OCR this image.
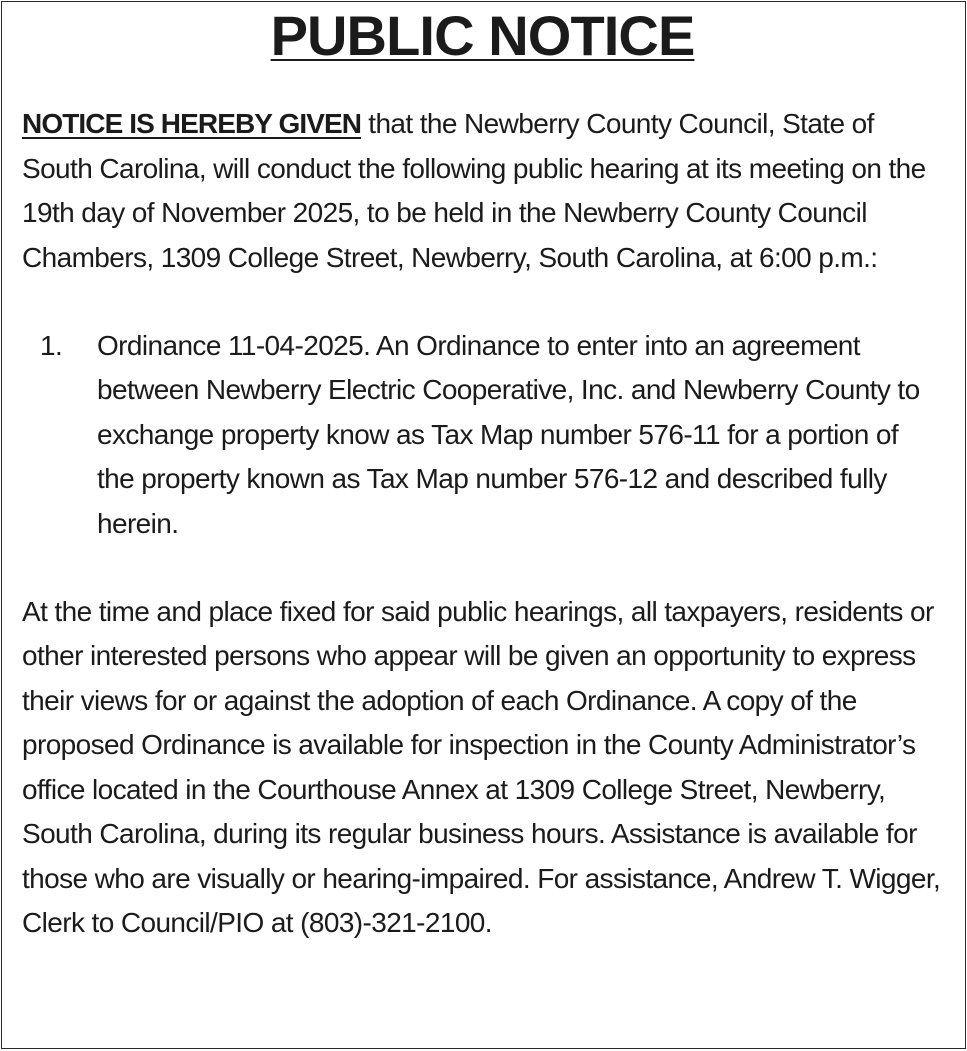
PUBLIC NOTICE

NOTICE IS HEREBY GIVEN that the Newberry County Council, State of South Carolina, will conduct the following public hearing at its meeting on the 19th day of November 2025, to be held in the Newberry County Council Chambers, 1309 College Street, Newberry, South Carolina, at 6:00 p.m.:

1.	Ordinance 11-04-2025. An Ordinance to enter into an agreement between Newberry Electric Cooperative, Inc. and Newberry County to exchange property know as Tax Map number 576-11 for a portion of the property known as Tax Map number 576-12 and described fully herein.

At the time and place fixed for said public hearings, all taxpayers, residents or other interested persons who appear will be given an opportunity to express their views for or against the adoption of each Ordinance. A copy of the proposed Ordinance is available for inspection in the County Administrator’s office located in the Courthouse Annex at 1309 College Street, Newberry, South Carolina, during its regular business hours. Assistance is available for those who are visually or hearing-impaired. For assistance, Andrew T. Wigger, Clerk to Council/PIO at (803)-321-2100.
